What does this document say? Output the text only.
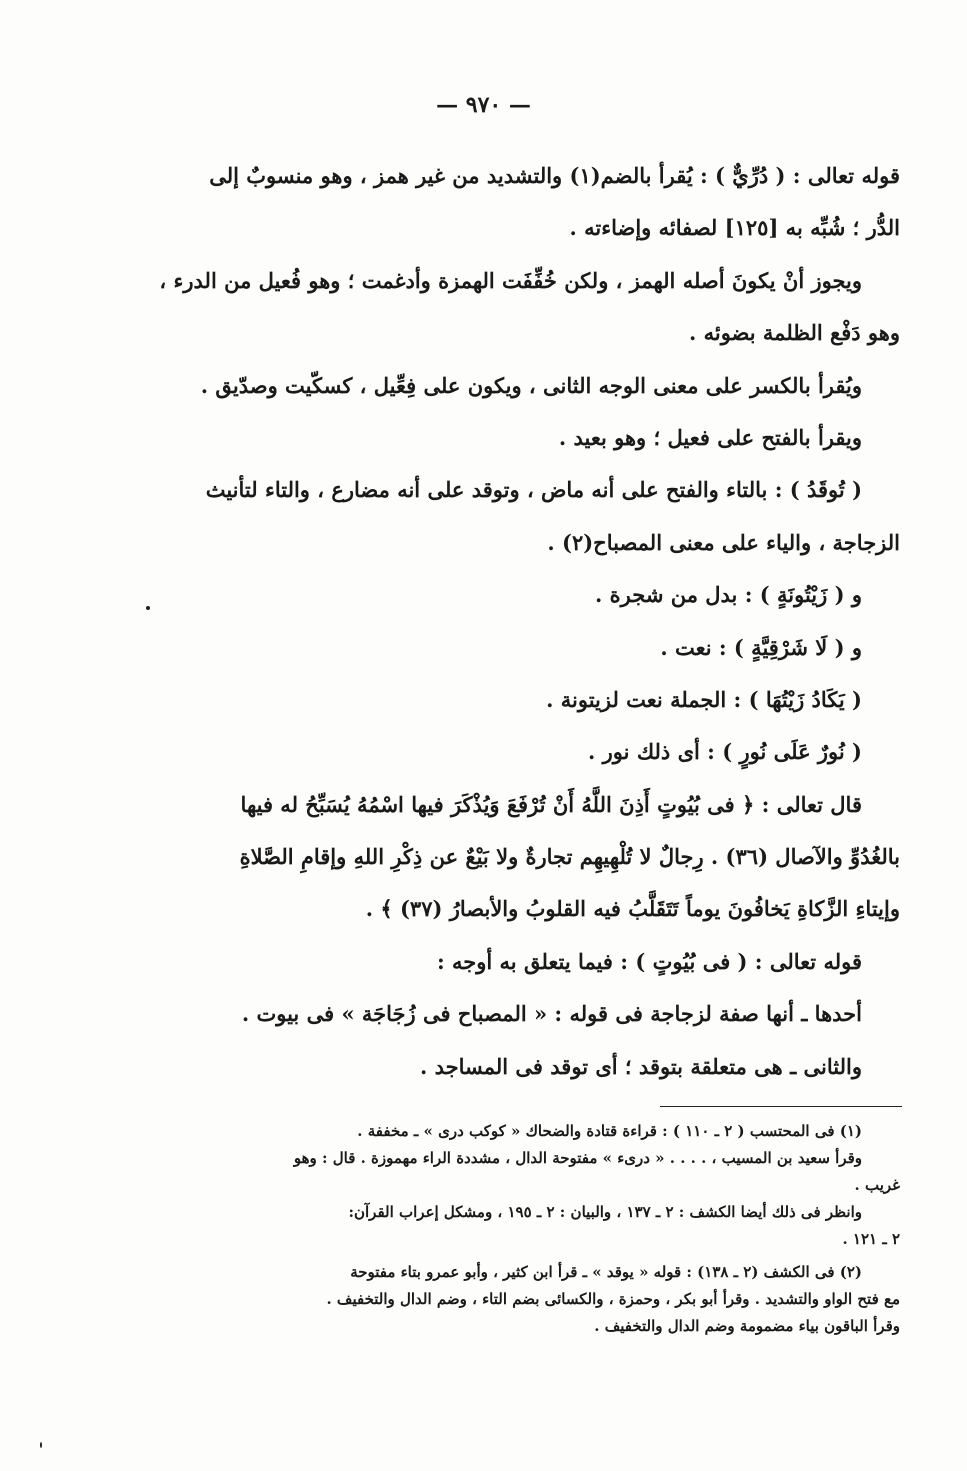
— ٩٧٠ —
قوله تعالى : ( دُرِّيٌّ ) : يُقرأ بالضم(١) والتشديد من غير همز ، وهو منسوبٌ إلى
الدُّر ؛ شُبِّه به [١٢٥] لصفائه وإضاءته .
ويجوز أنْ يكونَ أصله الهمز ، ولكن خُفِّفَت الهمزة وأدغمت ؛ وهو فُعيل من الدرء ،
وهو دَفْع الظلمة بضوئه .
ويُقرأ بالكسر على معنى الوجه الثانى ، ويكون على فِعِّيل ، كسكّيت وصدّيق .
ويقرأ بالفتح على فعيل ؛ وهو بعيد .
( تُوقَدُ ) : بالتاء والفتح على أنه ماض ، وتوقد على أنه مضارع ، والتاء لتأنيث
الزجاجة ، والياء على معنى المصباح(٢) .
و ( زَيْتُونَةٍ ) : بدل من شجرة .
و ( لَا شَرْقِيَّةٍ ) : نعت .
( يَكَادُ زَيْتُهَا ) : الجملة نعت لزيتونة .
( نُورٌ عَلَى نُورٍ ) : أى ذلك نور .
قال تعالى : ﴿ فى بُيُوتٍ أَذِنَ اللَّهُ أَنْ تُرْفَعَ وَيُذْكَرَ فيها اسْمُهُ يُسَبِّحُ له فيها
بالغُدُوِّ والآصال (٣٦) . رِجالٌ لا تُلْهِيهِم تجارةٌ ولا بَيْعٌ عن ذِكْرِ اللهِ وإقامِ الصَّلاةِ
وإيتاءِ الزَّكاةِ يَخافُونَ يوماً تَتَقَلَّبُ فيه القلوبُ والأبصارُ (٣٧) ﴾ .
قوله تعالى : ( فى بُيُوتٍ ) : فيما يتعلق به أوجه :
أحدها ـ أنها صفة لزجاجة فى قوله : « المصباح فى زُجَاجَة » فى بيوت .
والثانى ـ هى متعلقة بتوقد ؛ أى توقد فى المساجد .
(١) فى المحتسب ( ٢ ـ ١١٠ ) : قراءة قتادة والضحاك « كوكب درى » ـ مخففة .
وقرأ سعيد بن المسيب ، . . . . « درىء » مفتوحة الدال ، مشددة الراء مهموزة . قال : وهو
غريب .
وانظر فى ذلك أيضا الكشف : ٢ ـ ١٣٧ ، والبيان : ٢ ـ ١٩٥ ، ومشكل إعراب القرآن:
٢ ـ ١٢١ .
(٢) فى الكشف (٢ ـ ١٣٨) : قوله « يوقد » ـ قرأ ابن كثير ، وأبو عمرو بتاء مفتوحة
مع فتح الواو والتشديد . وقرأ أبو بكر ، وحمزة ، والكسائى بضم التاء ، وضم الدال والتخفيف .
وقرأ الباقون بياء مضمومة وضم الدال والتخفيف .
